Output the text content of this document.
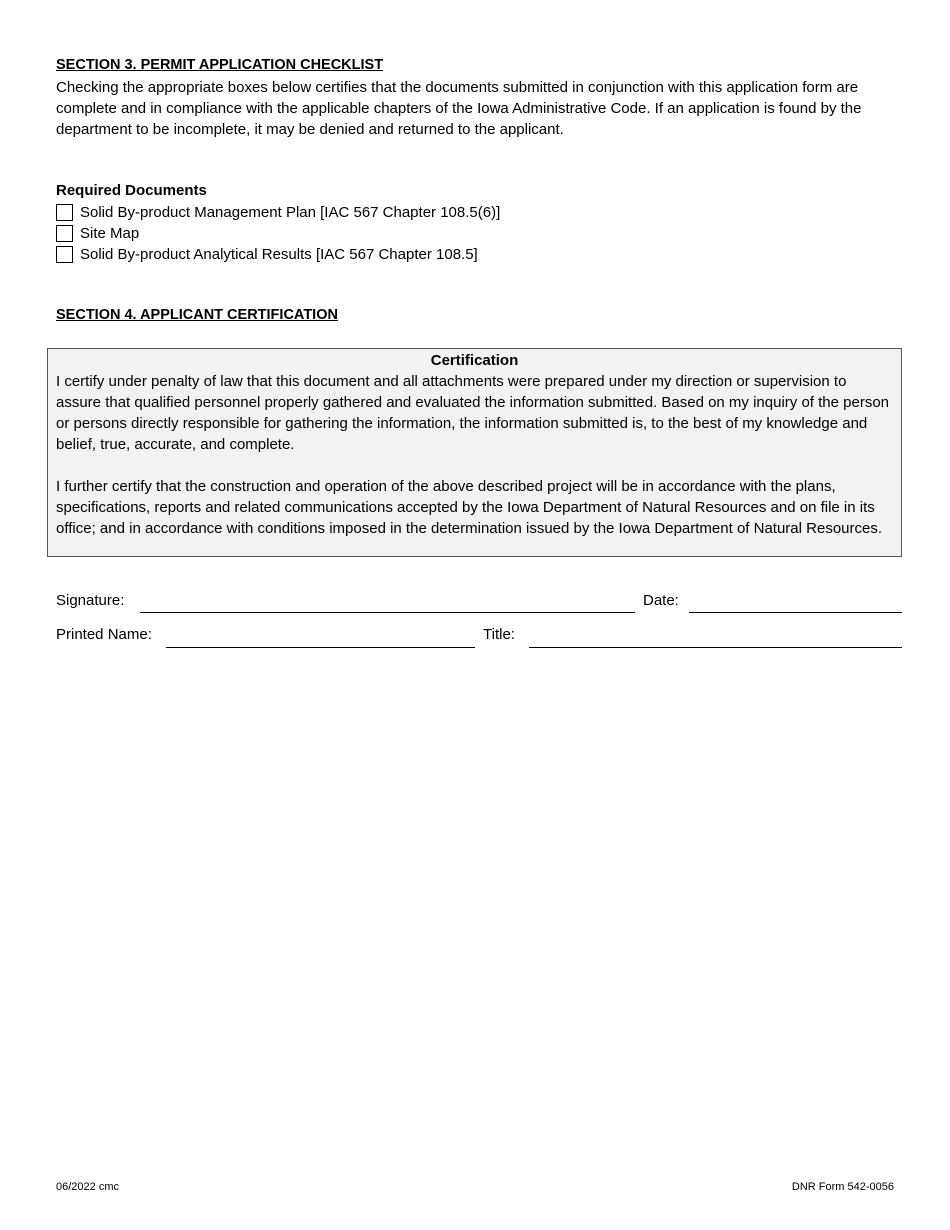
SECTION 3. PERMIT APPLICATION CHECKLIST
Checking the appropriate boxes below certifies that the documents submitted in conjunction with this application form are complete and in compliance with the applicable chapters of the Iowa Administrative Code. If an application is found by the department to be incomplete, it may be denied and returned to the applicant.
Required Documents
Solid By-product Management Plan [IAC 567 Chapter 108.5(6)]
Site Map
Solid By-product Analytical Results [IAC 567 Chapter 108.5]
SECTION 4. APPLICANT CERTIFICATION
Certification
I certify under penalty of law that this document and all attachments were prepared under my direction or supervision to assure that qualified personnel properly gathered and evaluated the information submitted. Based on my inquiry of the person or persons directly responsible for gathering the information, the information submitted is, to the best of my knowledge and belief, true, accurate, and complete.
I further certify that the construction and operation of the above described project will be in accordance with the plans, specifications, reports and related communications accepted by the Iowa Department of Natural Resources and on file in its office; and in accordance with conditions imposed in the determination issued by the Iowa Department of Natural Resources.
Signature:	Date:
Printed Name:	Title:
06/2022 cmc	DNR Form 542-0056
